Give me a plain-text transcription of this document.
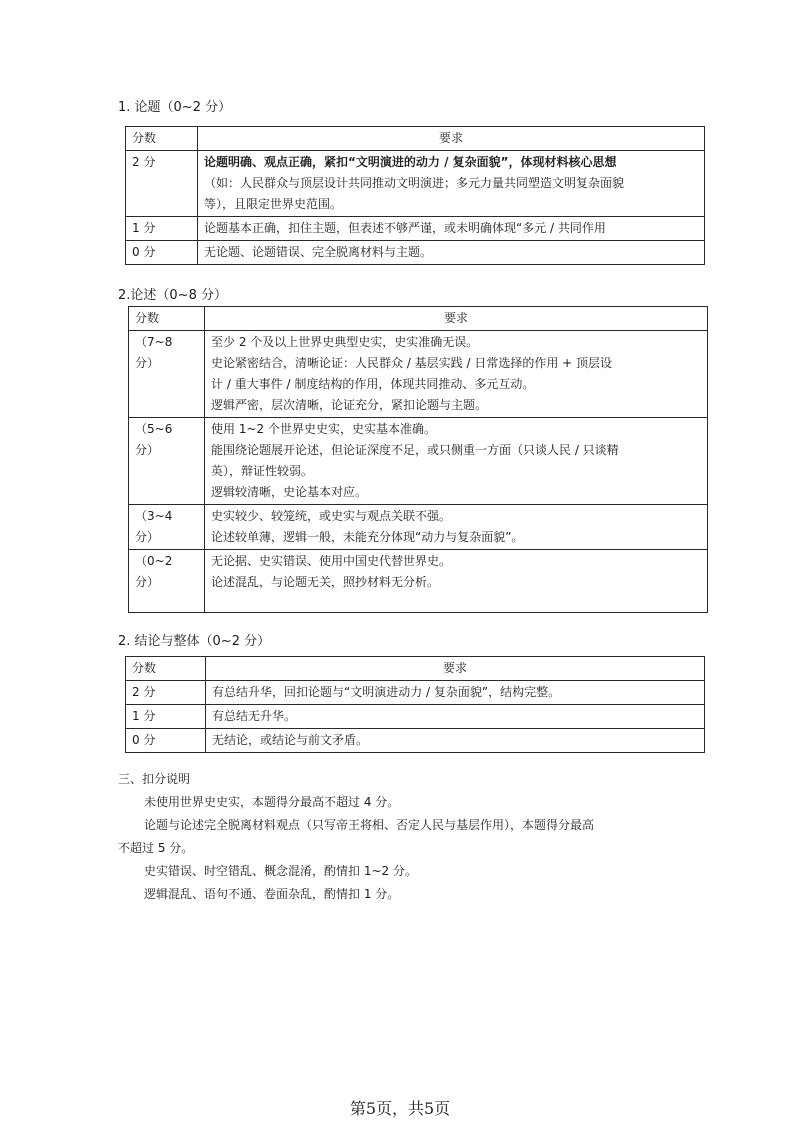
1. 论题（0~2 分）
分数	要求
2 分	论题明确、观点正确，紧扣“文明演进的动力 / 复杂面貌”，体现材料核心思想
（如：人民群众与顶层设计共同推动文明演进；多元力量共同塑造文明复杂面貌
等），且限定世界史范围。

1 分	论题基本正确，扣住主题，但表述不够严谨，或未明确体现“多元 / 共同作用

0 分	无论题、论题错误、完全脱离材料与主题。
2.论述（0~8 分）
分数	要求

（7~8
分）	至少 2 个及以上世界史典型史实，史实准确无误。
史论紧密结合，清晰论证：人民群众 / 基层实践 / 日常选择的作用 + 顶层设
计 / 重大事件 / 制度结构的作用，体现共同推动、多元互动。
逻辑严密，层次清晰，论证充分，紧扣论题与主题。

（5~6
分）	使用 1~2 个世界史史实，史实基本准确。
能围绕论题展开论述，但论证深度不足，或只侧重一方面（只谈人民 / 只谈精
英），辩证性较弱。
逻辑较清晰，史论基本对应。

（3~4
分）	史实较少、较笼统，或史实与观点关联不强。
论述较单薄，逻辑一般，未能充分体现“动力与复杂面貌”。

（0~2
分）	无论据、史实错误、使用中国史代替世界史。
论述混乱，与论题无关，照抄材料无分析。
2. 结论与整体（0~2 分）
分数	要求
2 分	有总结升华，回扣论题与“文明演进动力 / 复杂面貌”，结构完整。
1 分	有总结无升华。
0 分	无结论，或结论与前文矛盾。
三、扣分说明
未使用世界史史实，本题得分最高不超过 4 分。
论题与论述完全脱离材料观点（只写帝王将相、否定人民与基层作用），本题得分最高
不超过 5 分。
史实错误、时空错乱、概念混淆，酌情扣 1~2 分。
逻辑混乱、语句不通、卷面杂乱，酌情扣 1 分。
第5页，共5页
